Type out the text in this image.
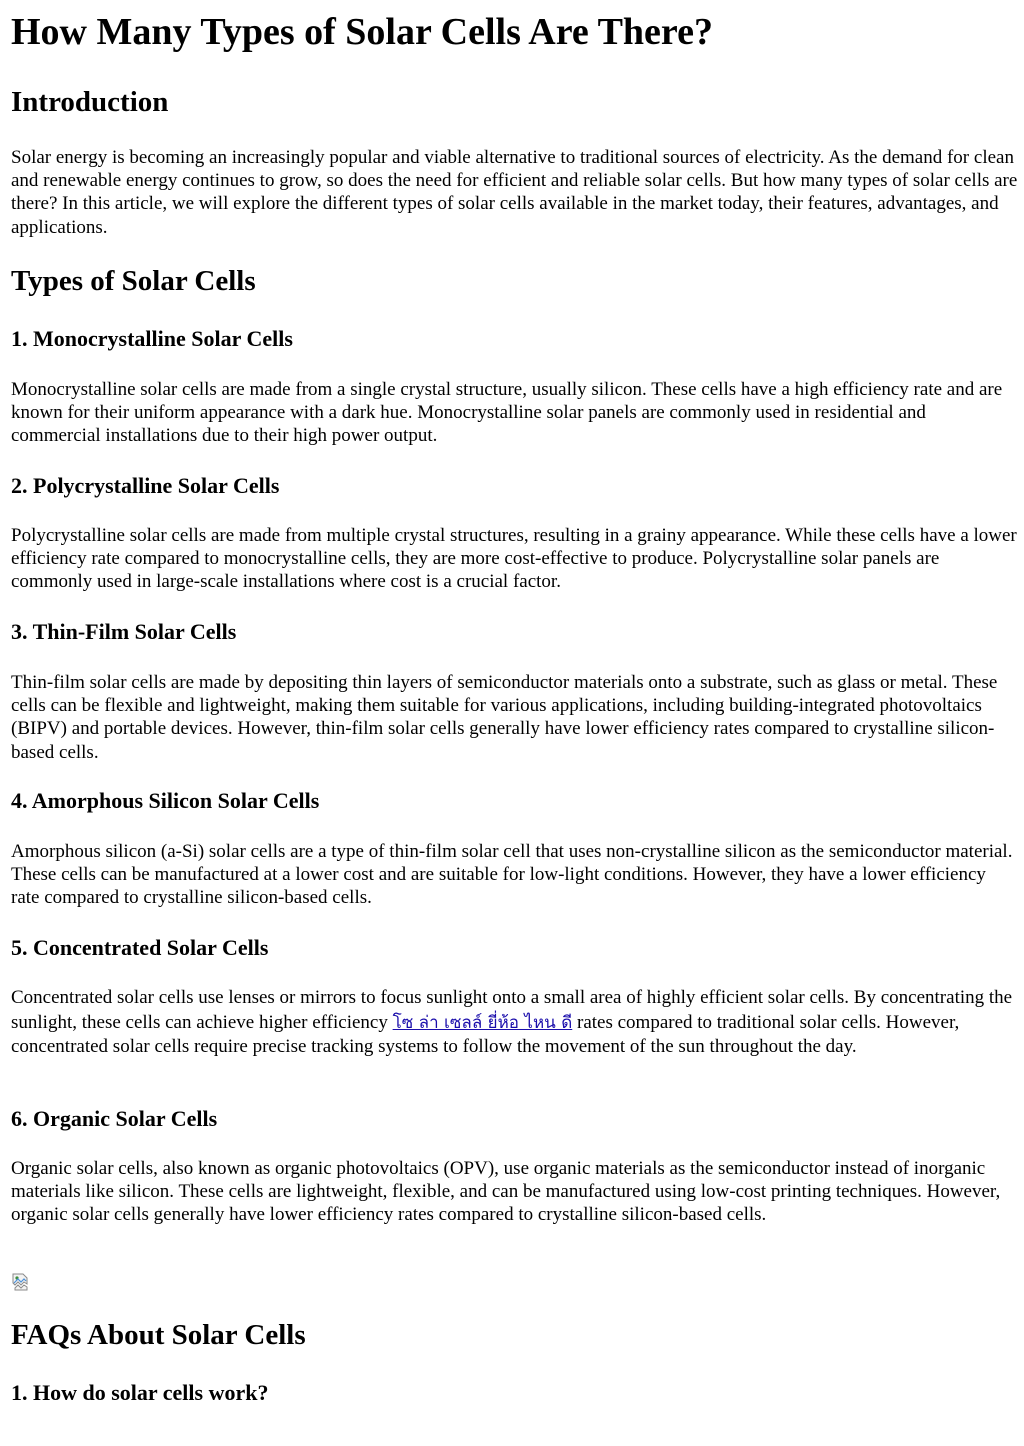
How Many Types of Solar Cells Are There?
Introduction

Solar energy is becoming an increasingly popular and viable alternative to traditional sources of electricity. As the demand for clean and renewable energy continues to grow, so does the need for efficient and reliable solar cells. But how many types of solar cells are there? In this article, we will explore the different types of solar cells available in the market today, their features, advantages, and applications.

Types of Solar Cells
1. Monocrystalline Solar Cells

Monocrystalline solar cells are made from a single crystal structure, usually silicon. These cells have a high efficiency rate and are known for their uniform appearance with a dark hue. Monocrystalline solar panels are commonly used in residential and commercial installations due to their high power output.

2. Polycrystalline Solar Cells

Polycrystalline solar cells are made from multiple crystal structures, resulting in a grainy appearance. While these cells have a lower efficiency rate compared to monocrystalline cells, they are more cost-effective to produce. Polycrystalline solar panels are commonly used in large-scale installations where cost is a crucial factor.

3. Thin-Film Solar Cells

Thin-film solar cells are made by depositing thin layers of semiconductor materials onto a substrate, such as glass or metal. These cells can be flexible and lightweight, making them suitable for various applications, including building-integrated photovoltaics (BIPV) and portable devices. However, thin-film solar cells generally have lower efficiency rates compared to crystalline silicon-based cells.

4. Amorphous Silicon Solar Cells

Amorphous silicon (a-Si) solar cells are a type of thin-film solar cell that uses non-crystalline silicon as the semiconductor material. These cells can be manufactured at a lower cost and are suitable for low-light conditions. However, they have a lower efficiency rate compared to crystalline silicon-based cells.

5. Concentrated Solar Cells

Concentrated solar cells use lenses or mirrors to focus sunlight onto a small area of highly efficient solar cells. By concentrating the sunlight, these cells can achieve higher efficiency โซ ล่า เซลล์ ยี่ห้อ ไหน ดี rates compared to traditional solar cells. However, concentrated solar cells require precise tracking systems to follow the movement of the sun throughout the day.

6. Organic Solar Cells

Organic solar cells, also known as organic photovoltaics (OPV), use organic materials as the semiconductor instead of inorganic materials like silicon. These cells are lightweight, flexible, and can be manufactured using low-cost printing techniques. However, organic solar cells generally have lower efficiency rates compared to crystalline silicon-based cells.

FAQs About Solar Cells
1. How do solar cells work?
